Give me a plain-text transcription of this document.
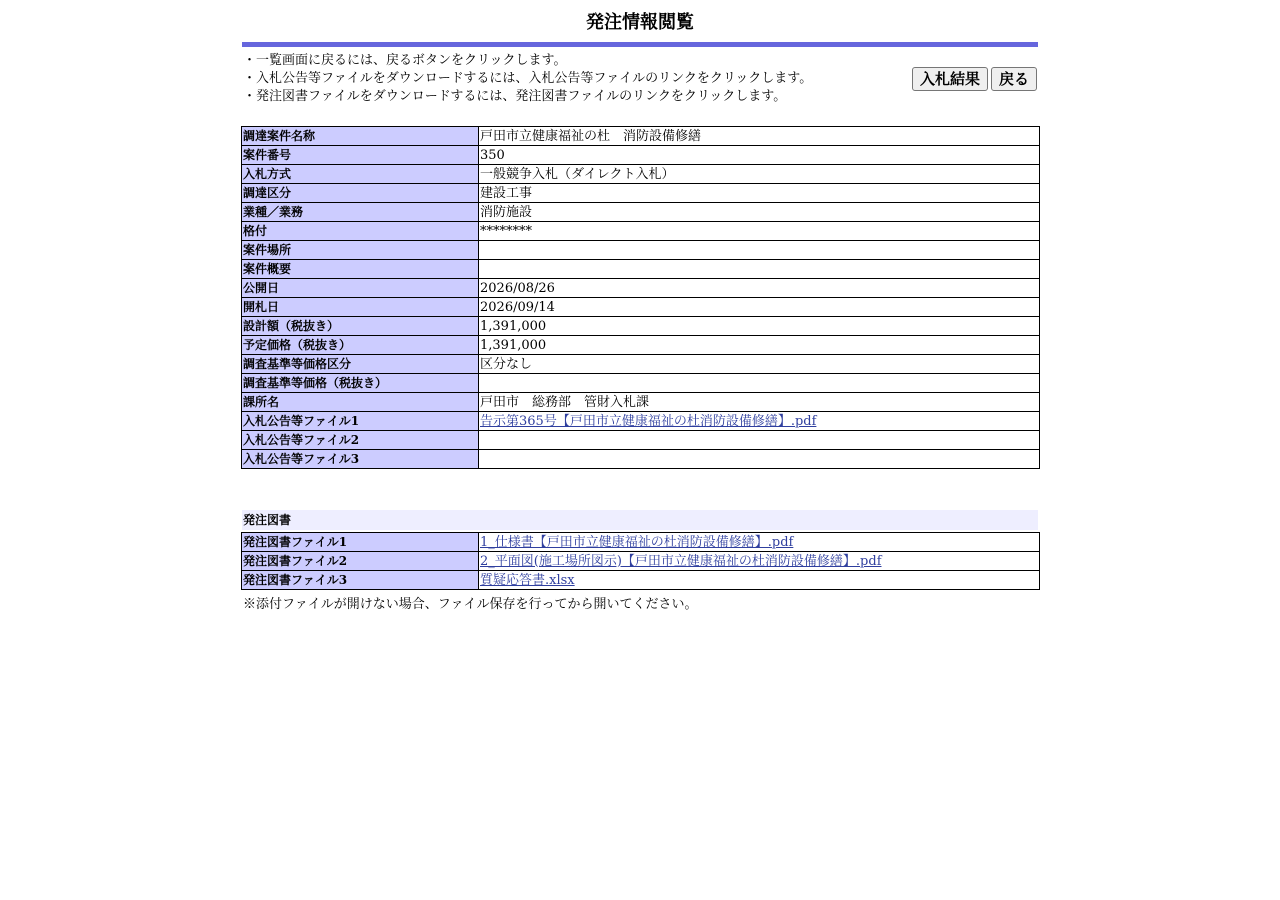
発注情報閲覧
・一覧画面に戻るには、戻るボタンをクリックします。
・入札公告等ファイルをダウンロードするには、入札公告等ファイルのリンクをクリックします。
・発注図書ファイルをダウンロードするには、発注図書ファイルのリンクをクリックします。
入札結果	戻る
調達案件名称	戸田市立健康福祉の杜　消防設備修繕
案件番号	350
入札方式	一般競争入札（ダイレクト入札）
調達区分	建設工事
業種／業務	消防施設
格付	********
案件場所	
案件概要	
公開日	2026/08/26
開札日	2026/09/14
設計額（税抜き）	1,391,000
予定価格（税抜き）	1,391,000
調査基準等価格区分	区分なし
調査基準等価格（税抜き）	
課所名	戸田市　総務部　管財入札課
入札公告等ファイル1	告示第365号【戸田市立健康福祉の杜消防設備修繕】.pdf
入札公告等ファイル2	
入札公告等ファイル3	
発注図書
発注図書ファイル1	1_仕様書【戸田市立健康福祉の杜消防設備修繕】.pdf
発注図書ファイル2	2_平面図(施工場所図示)【戸田市立健康福祉の杜消防設備修繕】.pdf
発注図書ファイル3	質疑応答書.xlsx
※添付ファイルが開けない場合、ファイル保存を行ってから開いてください。
